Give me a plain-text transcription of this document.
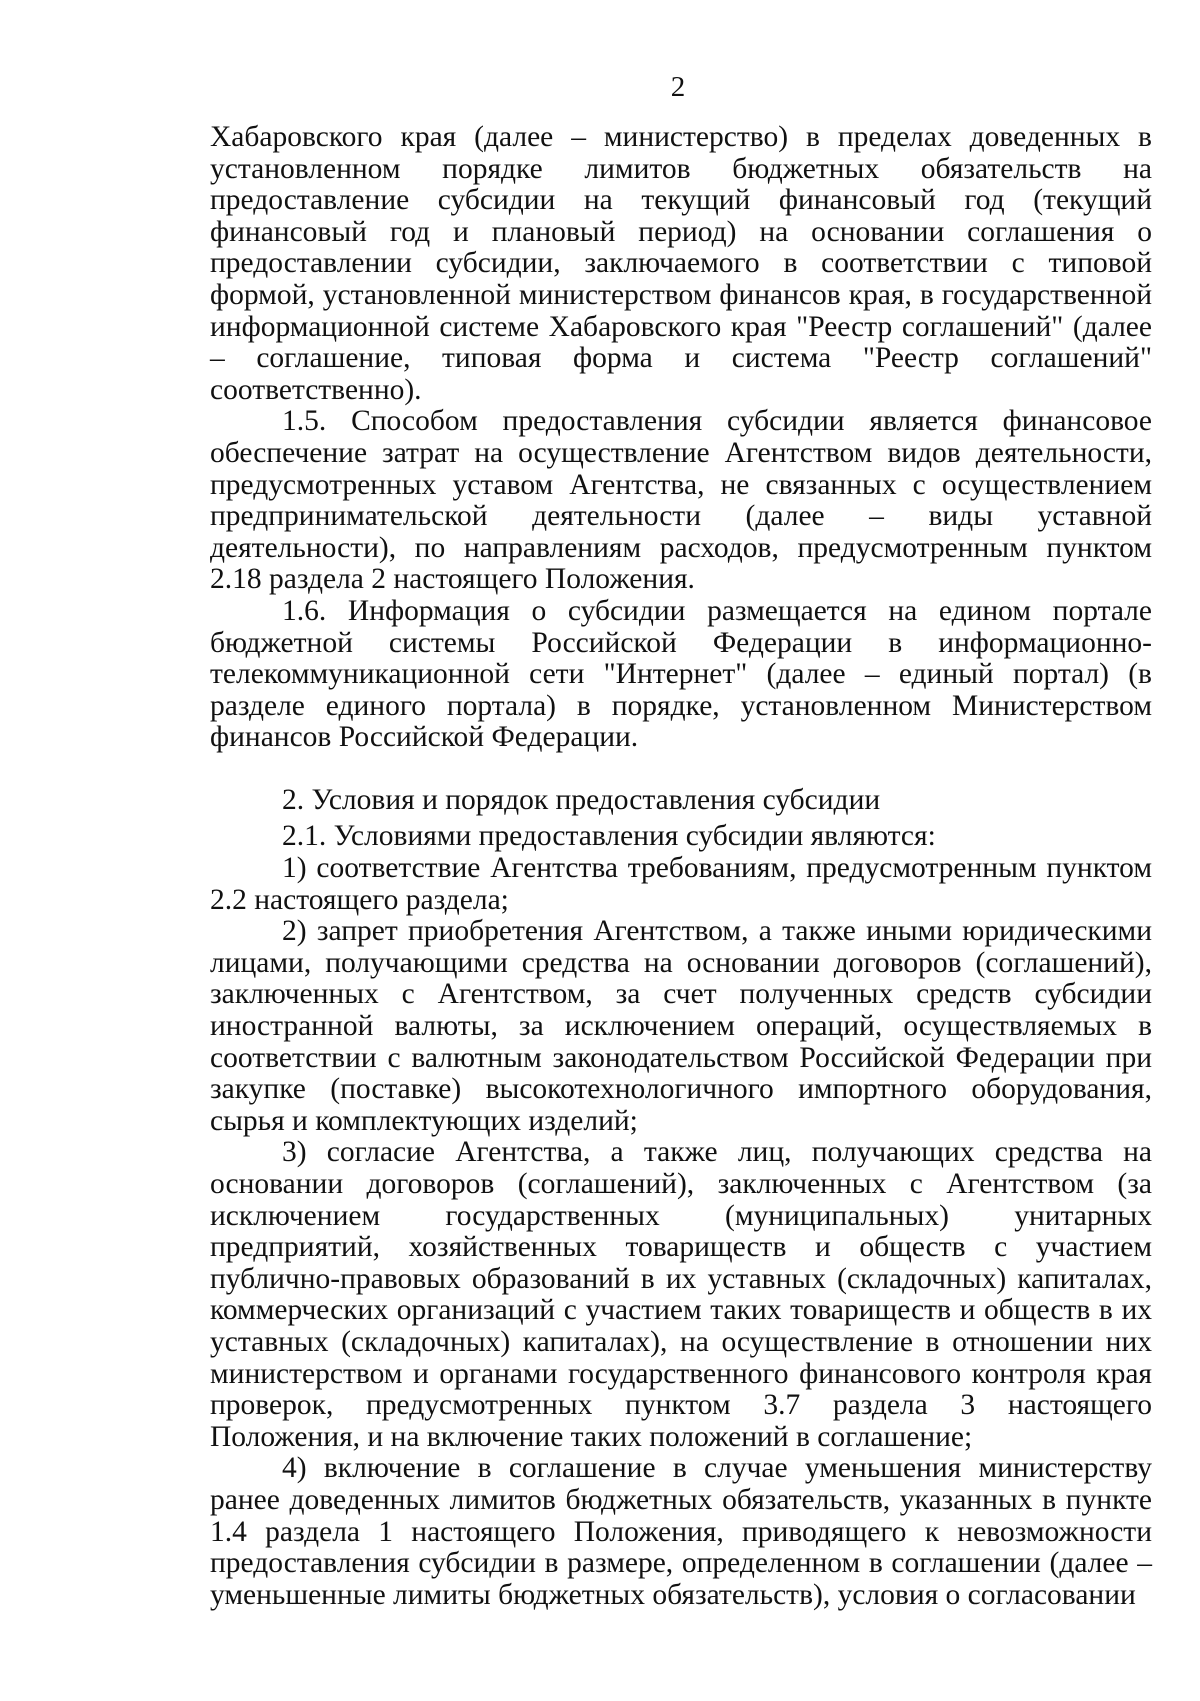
2

Хабаровского края (далее – министерство) в пределах доведенных в установленном порядке лимитов бюджетных обязательств на предоставление субсидии на текущий финансовый год (текущий финансовый год и плановый период) на основании соглашения о предоставлении субсидии, заключаемого в соответствии с типовой формой, установленной министерством финансов края, в государственной информационной системе Хабаровского края "Реестр соглашений" (далее – соглашение, типовая форма и система "Реестр соглашений" соответственно).

1.5. Способом предоставления субсидии является финансовое обеспечение затрат на осуществление Агентством видов деятельности, предусмотренных уставом Агентства, не связанных с осуществлением предпринимательской деятельности (далее – виды уставной деятельности), по направлениям расходов, предусмотренным пунктом 2.18 раздела 2 настоящего Положения.

1.6. Информация о субсидии размещается на едином портале бюджетной системы Российской Федерации в информационно-телекоммуникационной сети "Интернет" (далее – единый портал) (в разделе единого портала) в порядке, установленном Министерством финансов Российской Федерации.

2. Условия и порядок предоставления субсидии

2.1. Условиями предоставления субсидии являются:

1) соответствие Агентства требованиям, предусмотренным пунктом 2.2 настоящего раздела;

2) запрет приобретения Агентством, а также иными юридическими лицами, получающими средства на основании договоров (соглашений), заключенных с Агентством, за счет полученных средств субсидии иностранной валюты, за исключением операций, осуществляемых в соответствии с валютным законодательством Российской Федерации при закупке (поставке) высокотехнологичного импортного оборудования, сырья и комплектующих изделий;

3) согласие Агентства, а также лиц, получающих средства на основании договоров (соглашений), заключенных с Агентством (за исключением государственных (муниципальных) унитарных предприятий, хозяйственных товариществ и обществ с участием публично-правовых образований в их уставных (складочных) капиталах, коммерческих организаций с участием таких товариществ и обществ в их уставных (складочных) капиталах), на осуществление в отношении них министерством и органами государственного финансового контроля края проверок, предусмотренных пунктом 3.7 раздела 3 настоящего Положения, и на включение таких положений в соглашение;

4) включение в соглашение в случае уменьшения министерству ранее доведенных лимитов бюджетных обязательств, указанных в пункте 1.4 раздела 1 настоящего Положения, приводящего к невозможности предоставления субсидии в размере, определенном в соглашении (далее – уменьшенные лимиты бюджетных обязательств), условия о согласовании
